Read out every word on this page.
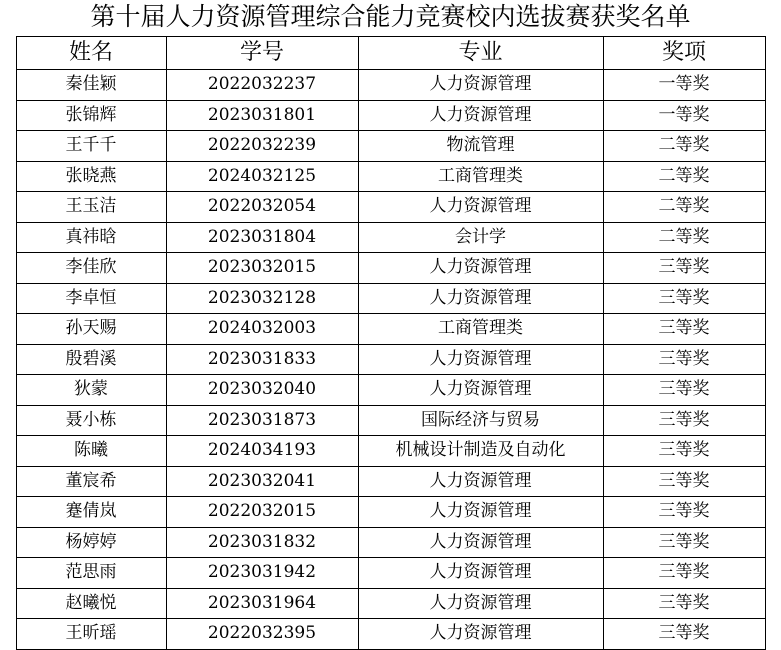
第十届人力资源管理综合能力竞赛校内选拔赛获奖名单
姓名	学号	专业	奖项
秦佳颖	2022032237	人力资源管理	一等奖
张锦辉	2023031801	人力资源管理	一等奖
王千千	2022032239	物流管理	二等奖
张晓燕	2024032125	工商管理类	二等奖
王玉洁	2022032054	人力资源管理	二等奖
真祎晗	2023031804	会计学	二等奖
李佳欣	2023032015	人力资源管理	三等奖
李卓恒	2023032128	人力资源管理	三等奖
孙天赐	2024032003	工商管理类	三等奖
殷碧溪	2023031833	人力资源管理	三等奖
狄蒙	2023032040	人力资源管理	三等奖
聂小栋	2023031873	国际经济与贸易	三等奖
陈曦	2024034193	机械设计制造及自动化	三等奖
董宸希	2023032041	人力资源管理	三等奖
蹇倩岚	2022032015	人力资源管理	三等奖
杨婷婷	2023031832	人力资源管理	三等奖
范思雨	2023031942	人力资源管理	三等奖
赵曦悦	2023031964	人力资源管理	三等奖
王昕瑶	2022032395	人力资源管理	三等奖
